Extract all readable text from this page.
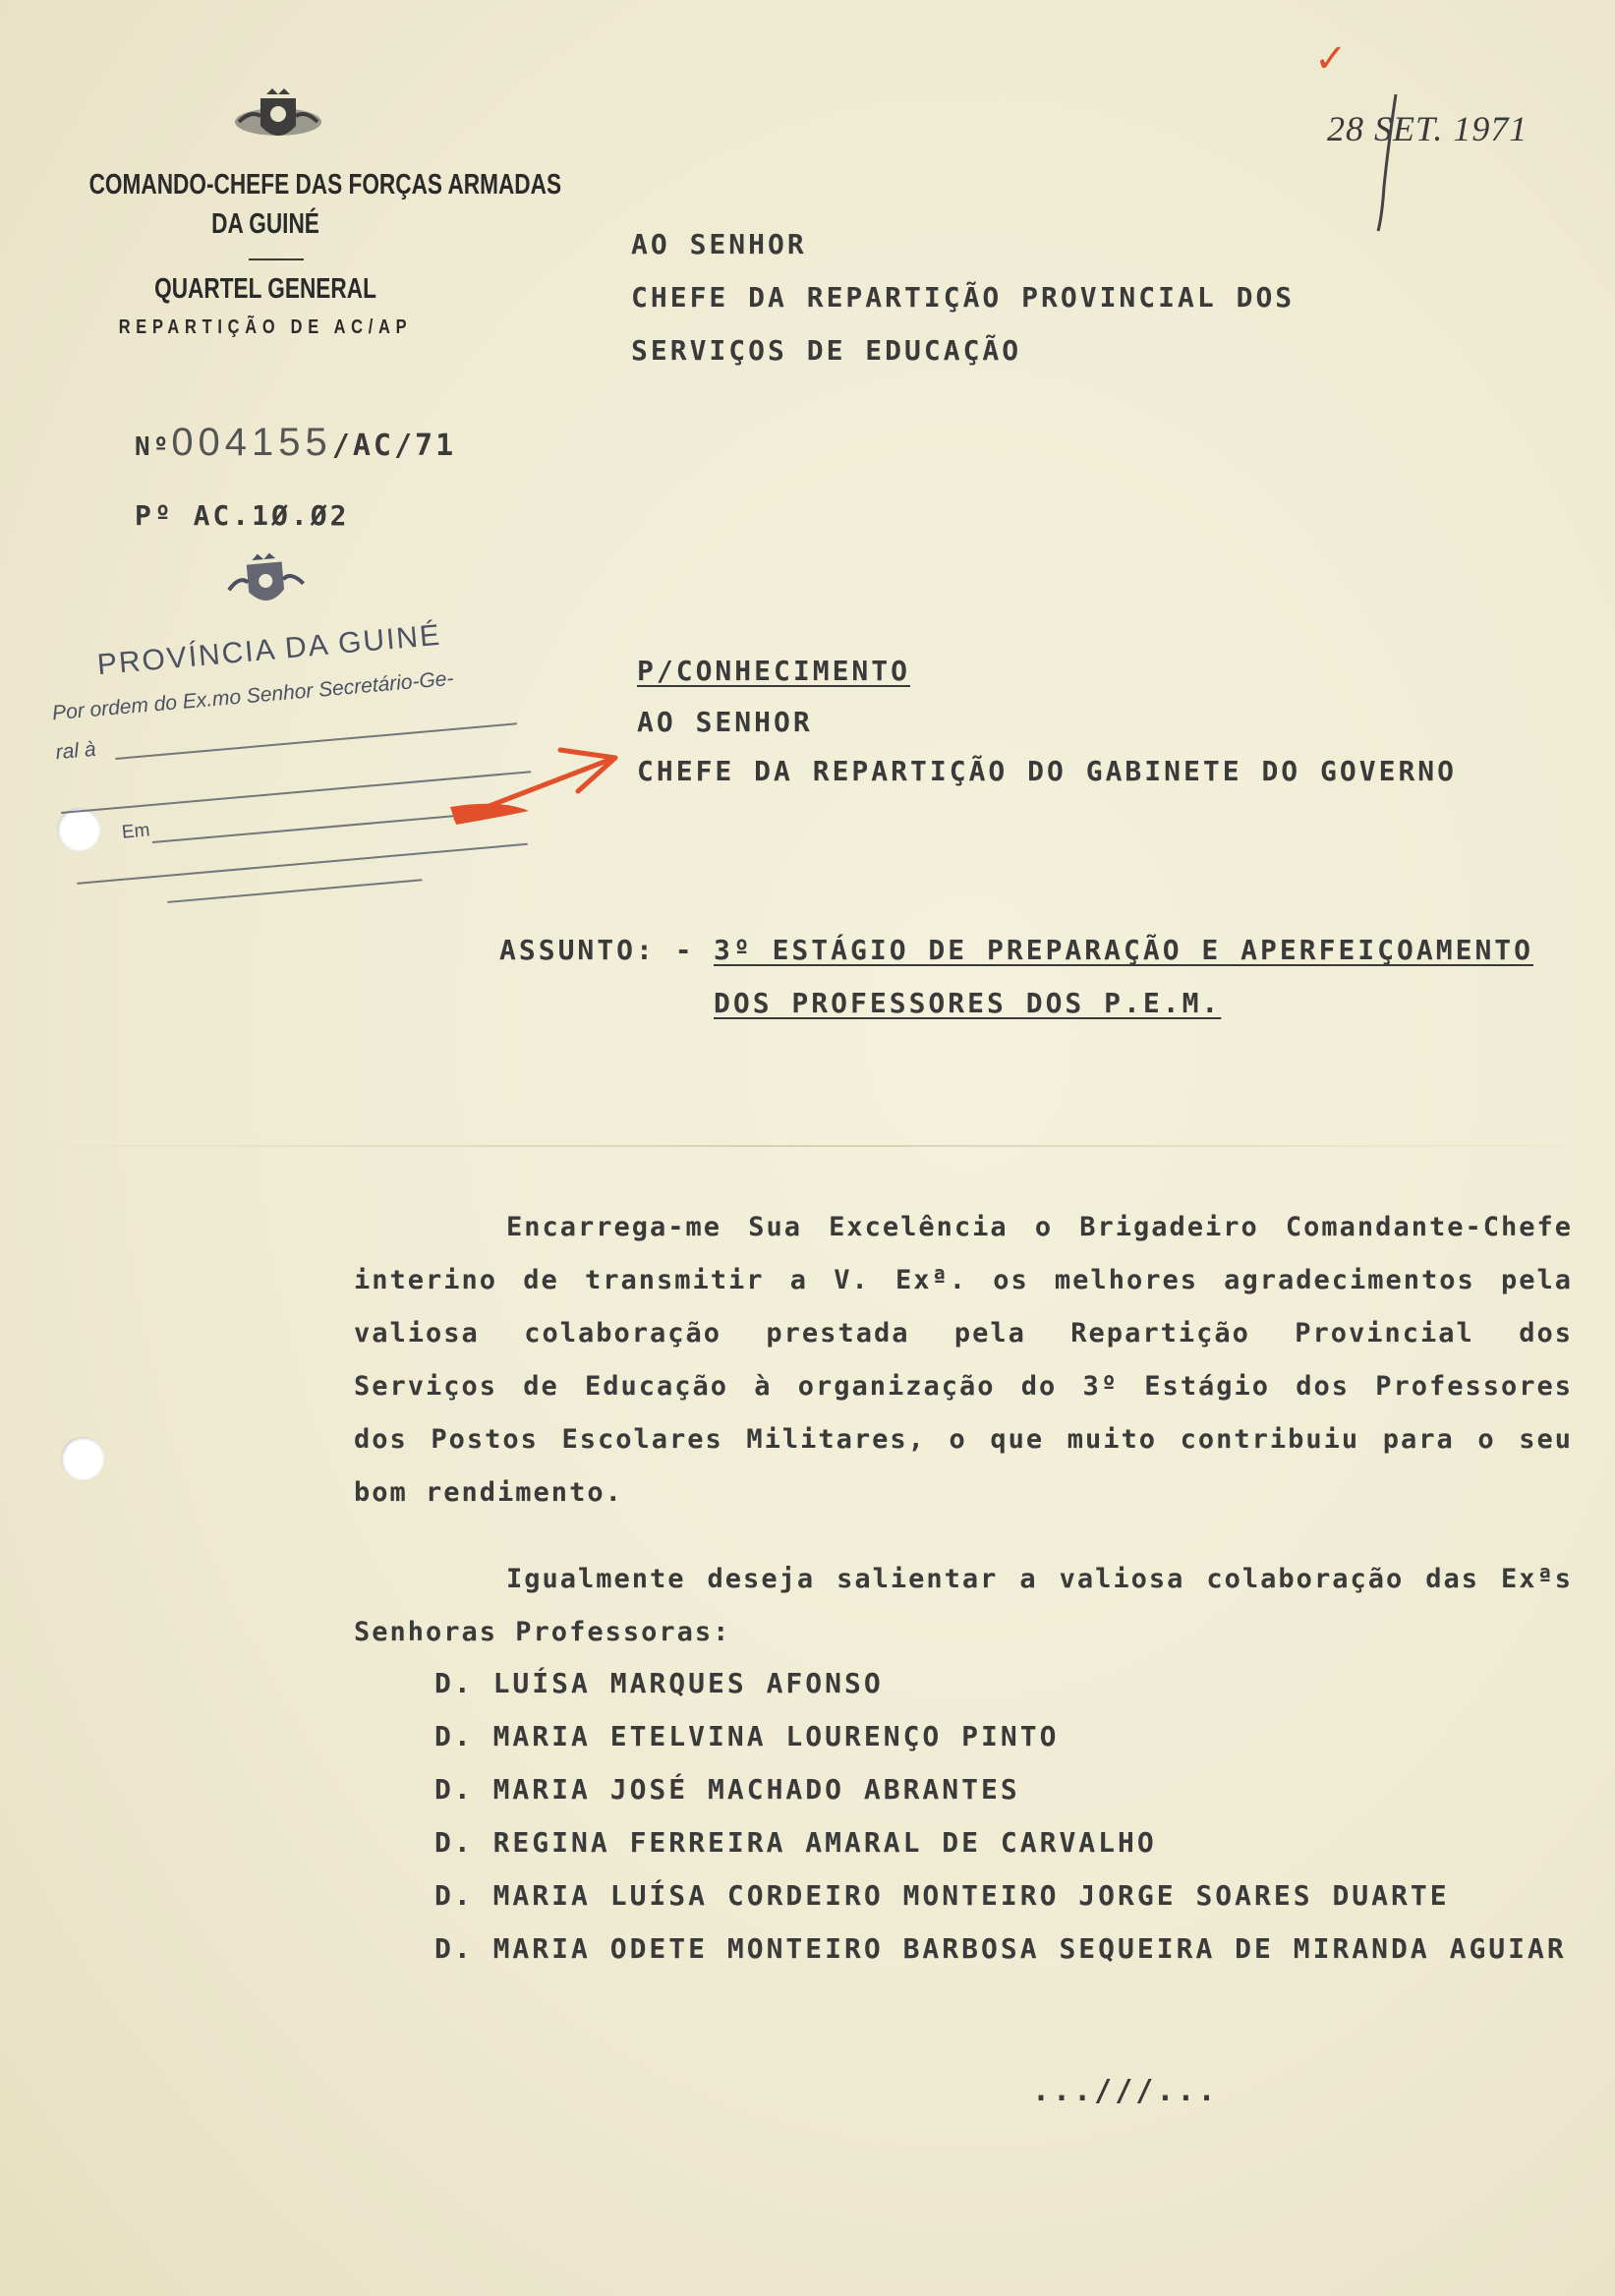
COMANDO-CHEFE DAS FORÇAS ARMADAS

DA GUINÉ

QUARTEL GENERAL

REPARTIÇÃO DE AC/AP

Nº004155/AC/71

Pº AC.1Ø.Ø2

✓

28 SET. 1971

AO SENHOR

CHEFE DA REPARTIÇÃO PROVINCIAL DOS

SERVIÇOS DE EDUCAÇÃO

PROVÍNCIA DA GUINÉ

Por ordem do Ex.mo Senhor Secretário-Ge-

ral à

Em

P/CONHECIMENTO

AO SENHOR

CHEFE DA REPARTIÇÃO DO GABINETE DO GOVERNO

ASSUNTO: - 3º ESTÁGIO DE PREPARAÇÃO E APERFEIÇOAMENTO

DOS PROFESSORES DOS P.E.M.

Encarrega-me Sua Excelência o Brigadeiro Comandante-Chefe interino de transmitir a V. Exª. os melhores agradecimentos pela valiosa colaboração prestada pela Repartição Provincial dos Serviços de Educação à organização do 3º Estágio dos Professores dos Postos Escolares Militares, o que muito contribuiu para o seu bom rendimento.

Igualmente deseja salientar a valiosa colaboração das Exªs Senhoras Professoras:

D. LUÍSA MARQUES AFONSO

D. MARIA ETELVINA LOURENÇO PINTO

D. MARIA JOSÉ MACHADO ABRANTES

D. REGINA FERREIRA AMARAL DE CARVALHO

D. MARIA LUÍSA CORDEIRO MONTEIRO JORGE SOARES DUARTE

D. MARIA ODETE MONTEIRO BARBOSA SEQUEIRA DE MIRANDA AGUIAR

...///...
